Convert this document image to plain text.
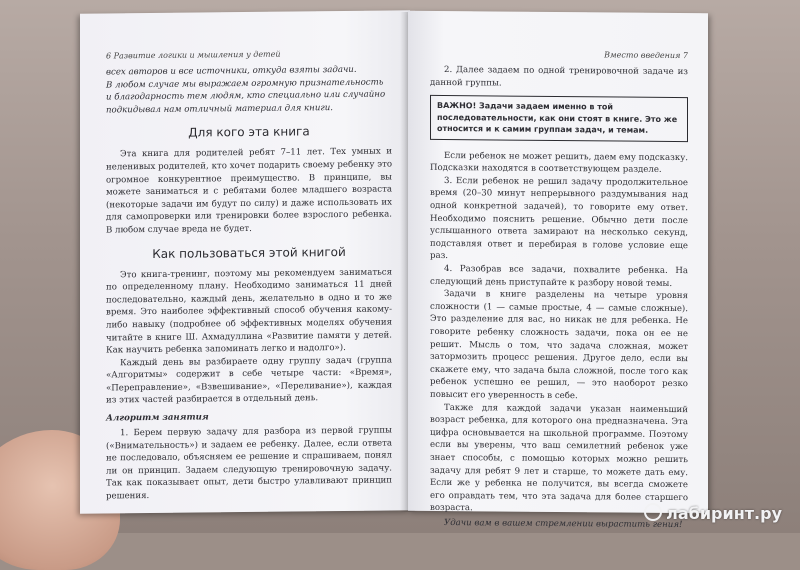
6 Развитие логики и мышления у детей

всех авторов и все источники, откуда взяты задачи.

В любом случае мы выражаем огромную признательность

и благодарность тем людям, кто специально или случайно

подкидывал нам отличный материал для книги.

Для кого эта книга

Эта книга для родителей ребят 7–11 лет. Тех умных и неленивых родителей, кто хочет подарить своему ребенку это огромное конкурентное преимущество. В принципе, вы можете заниматься и с ребятами более младшего возраста (некоторые задачи им будут по силу) и даже использовать их для самопроверки или тренировки более взрослого ребенка. В любом случае вреда не будет.

Как пользоваться этой книгой

Это книга-тренинг, поэтому мы рекомендуем заниматься по определенному плану. Необходимо заниматься 11 дней последовательно, каждый день, желательно в одно и то же время. Это наиболее эффективный способ обучения какому-либо навыку (подробнее об эффективных моделях обучения читайте в книге Ш. Ахмадуллина «Развитие памяти у детей. Как научить ребенка запоминать легко и надолго»).

Каждый день вы разбираете одну группу задач (группа «Алгоритмы» содержит в себе четыре части: «Время», «Перепрaвление», «Взвешивание», «Переливание»), каждая из этих частей разбирается в отдельный день.

Алгоритм занятия

1. Берем первую задачу для разбора из первой группы («Внимательность») и задаем ее ребенку. Далее, если ответа не последовало, объясняем ее решение и спрашиваем, понял ли он принцип. Задаем следующую тренировочную задачу. Так как показывает опыт, дети быстро улавливают принцип решения.

Вместо введения 7

2. Далее задаем по одной тренировочной задаче из данной группы.

ВАЖНО! Задачи задаем именно в той последовательности, как они стоят в книге. Это же относится и к самим группам задач, и темам.

Если ребенок не может решить, даем ему подсказку. Подсказки находятся в соответствующем разделе.

3. Если ребенок не решил задачу продолжительное время (20–30 минут непрерывного раздумывания над одной конкретной задачей), то говорите ему ответ. Необходимо пояснить решение. Обычно дети после услышанного ответа замирают на несколько секунд, подставляя ответ и перебирая в голове условие еще раз.

4. Разобрав все задачи, похвалите ребенка. На следующий день приступайте к разбору новой темы.

Задачи в книге разделены на четыре уровня сложности (1 — самые простые, 4 — самые сложные). Это разделение для вас, но никак не для ребенка. Не говорите ребенку сложность задачи, пока он ее не решит. Мысль о том, что задача сложная, может затормозить процесс решения. Другое дело, если вы скажете ему, что задача была сложной, после того как ребенок успешно ее решил, — это наоборот резко повысит его уверенность в себе.

Также для каждой задачи указан наименьший возраст ребенка, для которого она предназначена. Эта цифра основывается на школьной программе. Поэтому если вы уверены, что ваш семилетний ребенок уже знает способы, с помощью которых можно решить задачу для ребят 9 лет и старше, то можете дать ему. Если же у ребенка не получится, вы всегда сможете его оправдать тем, что эта задача для более старшего возраста.

Удачи вам в вашем стремлении вырастить гения!

лабиринт.ру
